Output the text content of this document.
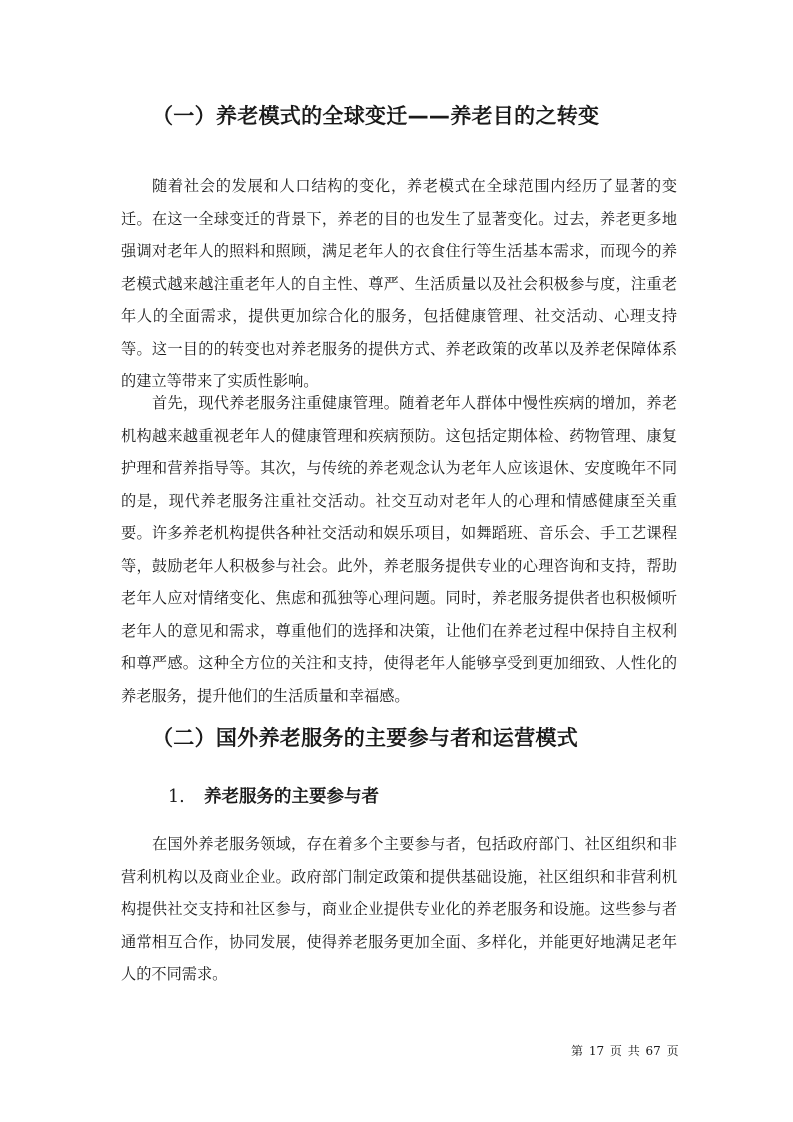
（一）养老模式的全球变迁——养老目的之转变

随着社会的发展和人口结构的变化，养老模式在全球范围内经历了显著的变迁。在这一全球变迁的背景下，养老的目的也发生了显著变化。过去，养老更多地强调对老年人的照料和照顾，满足老年人的衣食住行等生活基本需求，而现今的养老模式越来越注重老年人的自主性、尊严、生活质量以及社会积极参与度，注重老年人的全面需求，提供更加综合化的服务，包括健康管理、社交活动、心理支持等。这一目的的转变也对养老服务的提供方式、养老政策的改革以及养老保障体系的建立等带来了实质性影响。

首先，现代养老服务注重健康管理。随着老年人群体中慢性疾病的增加，养老机构越来越重视老年人的健康管理和疾病预防。这包括定期体检、药物管理、康复护理和营养指导等。其次，与传统的养老观念认为老年人应该退休、安度晚年不同的是，现代养老服务注重社交活动。社交互动对老年人的心理和情感健康至关重要。许多养老机构提供各种社交活动和娱乐项目，如舞蹈班、音乐会、手工艺课程等，鼓励老年人积极参与社会。此外，养老服务提供专业的心理咨询和支持，帮助老年人应对情绪变化、焦虑和孤独等心理问题。同时，养老服务提供者也积极倾听老年人的意见和需求，尊重他们的选择和决策，让他们在养老过程中保持自主权利和尊严感。这种全方位的关注和支持，使得老年人能够享受到更加细致、人性化的养老服务，提升他们的生活质量和幸福感。

（二）国外养老服务的主要参与者和运营模式
1. 养老服务的主要参与者

在国外养老服务领域，存在着多个主要参与者，包括政府部门、社区组织和非营利机构以及商业企业。政府部门制定政策和提供基础设施，社区组织和非营利机构提供社交支持和社区参与，商业企业提供专业化的养老服务和设施。这些参与者通常相互合作，协同发展，使得养老服务更加全面、多样化，并能更好地满足老年人的不同需求。

第 17 页 共 67 页
